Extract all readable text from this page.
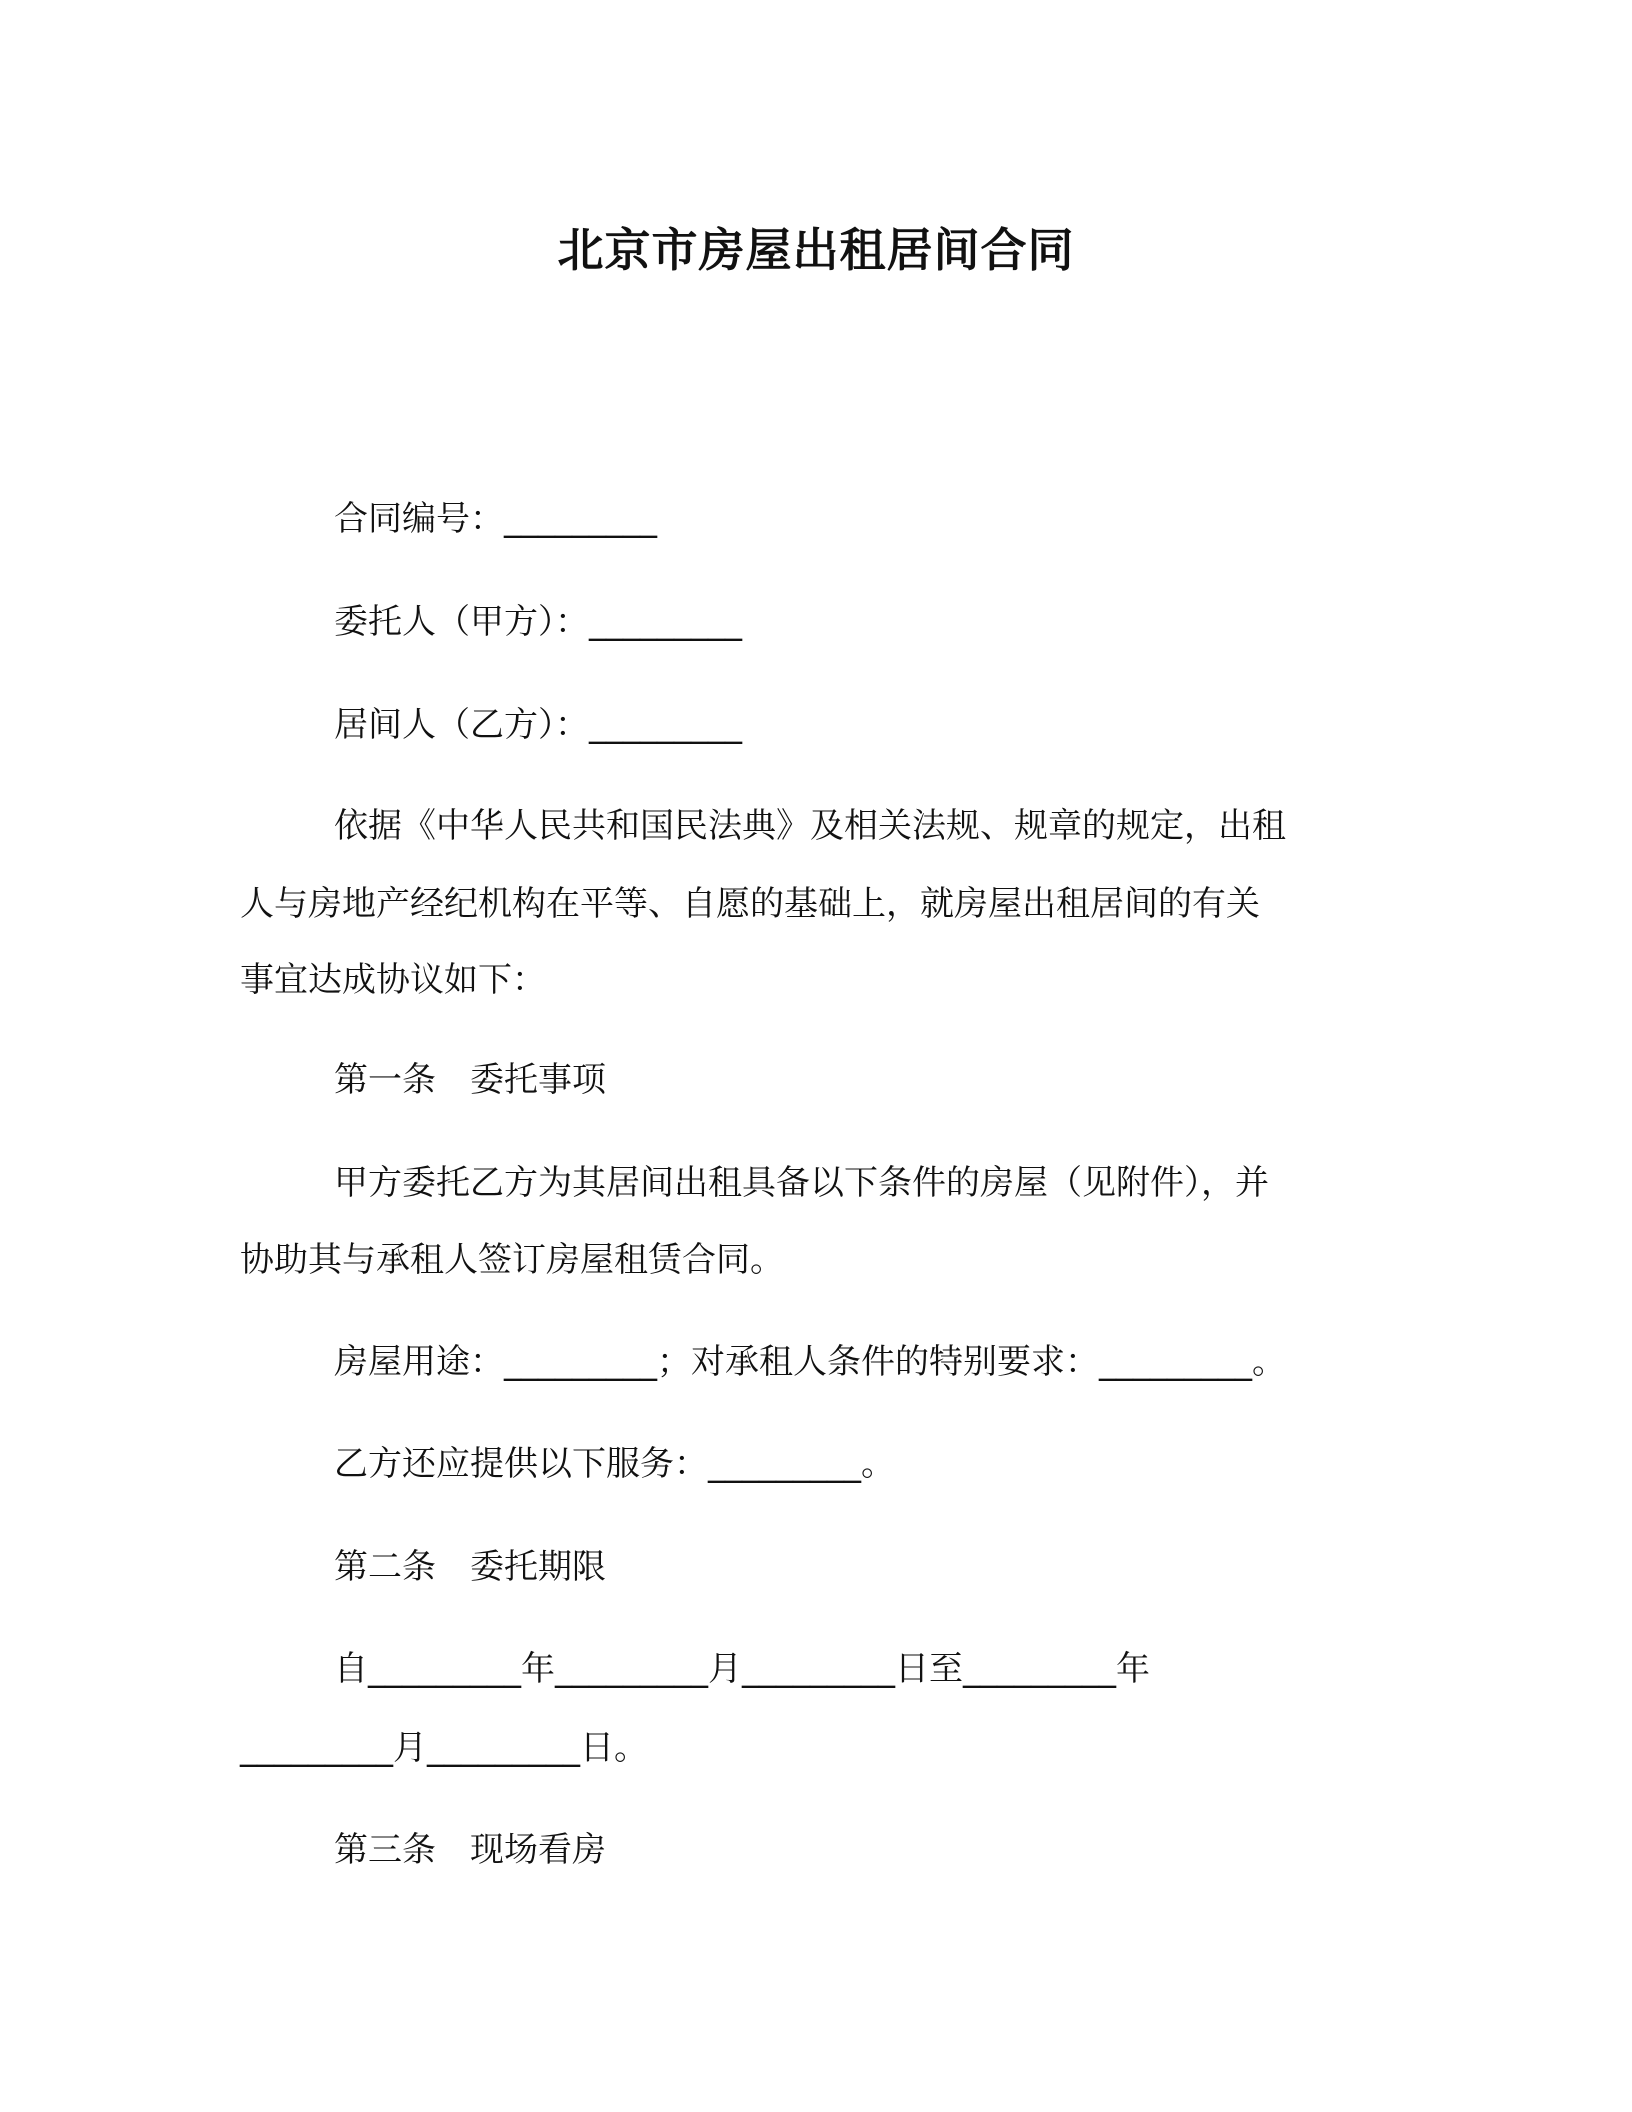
北京市房屋出租居间合同
合同编号：_________
委托人（甲方）：_________
居间人（乙方）：_________
依据《中华人民共和国民法典》及相关法规、规章的规定，出租
人与房地产经纪机构在平等、自愿的基础上，就房屋出租居间的有关
事宜达成协议如下：
第一条　委托事项
甲方委托乙方为其居间出租具备以下条件的房屋（见附件），并
协助其与承租人签订房屋租赁合同。
房屋用途：_________；对承租人条件的特别要求：_________。
乙方还应提供以下服务：_________。
第二条　委托期限
自_________年_________月_________日至_________年
_________月_________日。
第三条　现场看房
